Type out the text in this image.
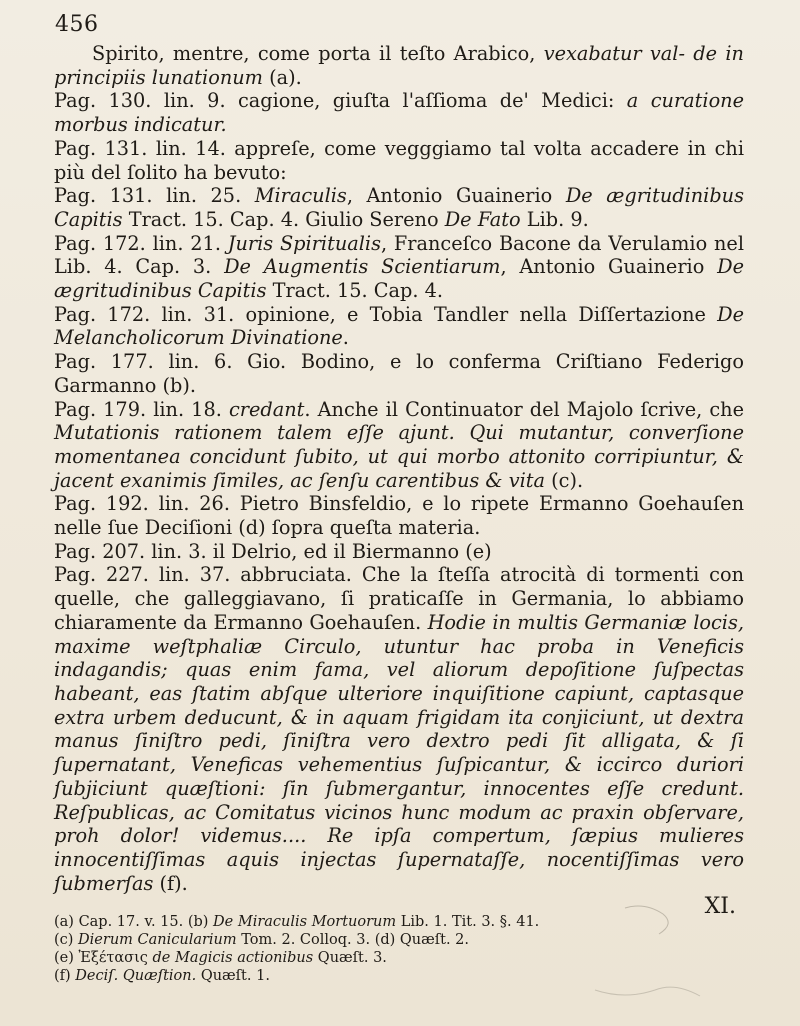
456

Spirito, mentre, come porta il teſto Arabico, vexabatur val- de in principiis lunationum (a).

Pag. 130. lin. 9. cagione, giuſta l'aſſioma de' Medici: a curatione morbus indicatur.

Pag. 131. lin. 14. appreſe, come vegggiamo tal volta accadere in chi più del ſolito ha bevuto:

Pag. 131. lin. 25. Miraculis, Antonio Guainerio De ægritudinibus Capitis Tract. 15. Cap. 4. Giulio Sereno De Fato Lib. 9.

Pag. 172. lin. 21. Juris Spiritualis, Franceſco Bacone da Verulamio nel Lib. 4. Cap. 3. De Augmentis Scientiarum, Antonio Guainerio De ægritudinibus Capitis Tract. 15. Cap. 4.

Pag. 172. lin. 31. opinione, e Tobia Tandler nella Diſſertazione De Melancholicorum Divinatione.

Pag. 177. lin. 6. Gio. Bodino, e lo conferma Criſtiano Federigo Garmanno (b).

Pag. 179. lin. 18. credant. Anche il Continuator del Majolo ſcrive, che Mutationis rationem talem eſſe ajunt. Qui mutantur, converſione momentanea concidunt ſubito, ut qui morbo attonito corripiuntur, & jacent exanimis ſimiles, ac ſenſu carentibus & vita (c).

Pag. 192. lin. 26. Pietro Binsfeldio, e lo ripete Ermanno Goehauſen nelle ſue Deciſioni (d) ſopra queſta materia.

Pag. 207. lin. 3. il Delrio, ed il Biermanno (e)

Pag. 227. lin. 37. abbruciata. Che la ſteſſa atrocità di tormenti con quelle, che galleggiavano, ſi praticaſſe in Germania, lo abbiamo chiaramente da Ermanno Goehauſen. Hodie in multis Germaniæ locis, maxime weſtphaliæ Circulo, utuntur hac proba in Veneficis indagandis; quas enim fama, vel aliorum depoſitione ſuſpectas habeant, eas ſtatim abſque ulteriore inquiſitione capiunt, captasque extra urbem deducunt, & in aquam frigidam ita conjiciunt, ut dextra manus ſiniſtro pedi, ſiniſtra vero dextro pedi ſit alligata, & ſi ſupernatant, Veneficas vehementius ſuſpicantur, & iccirco duriori ſubjiciunt quæſtioni: ſin ſubmergantur, innocentes eſſe credunt. Reſpublicas, ac Comitatus vicinos hunc modum ac praxin obſervare, proh dolor! videmus.... Re ipſa compertum, ſæpius mulieres innocentiſſimas aquis injectas ſupernataſſe, nocentiſſimas vero ſubmerſas (f).

XI.

(a) Cap. 17. v. 15. (b) De Miraculis Mortuorum Lib. 1. Tit. 3. §. 41.

(c) Dierum Canicularium Tom. 2. Colloq. 3. (d) Quæſt. 2.

(e) Ἐξέτασις de Magicis actionibus Quæſt. 3.

(f) Deciſ. Quæſtion. Quæſt. 1.
